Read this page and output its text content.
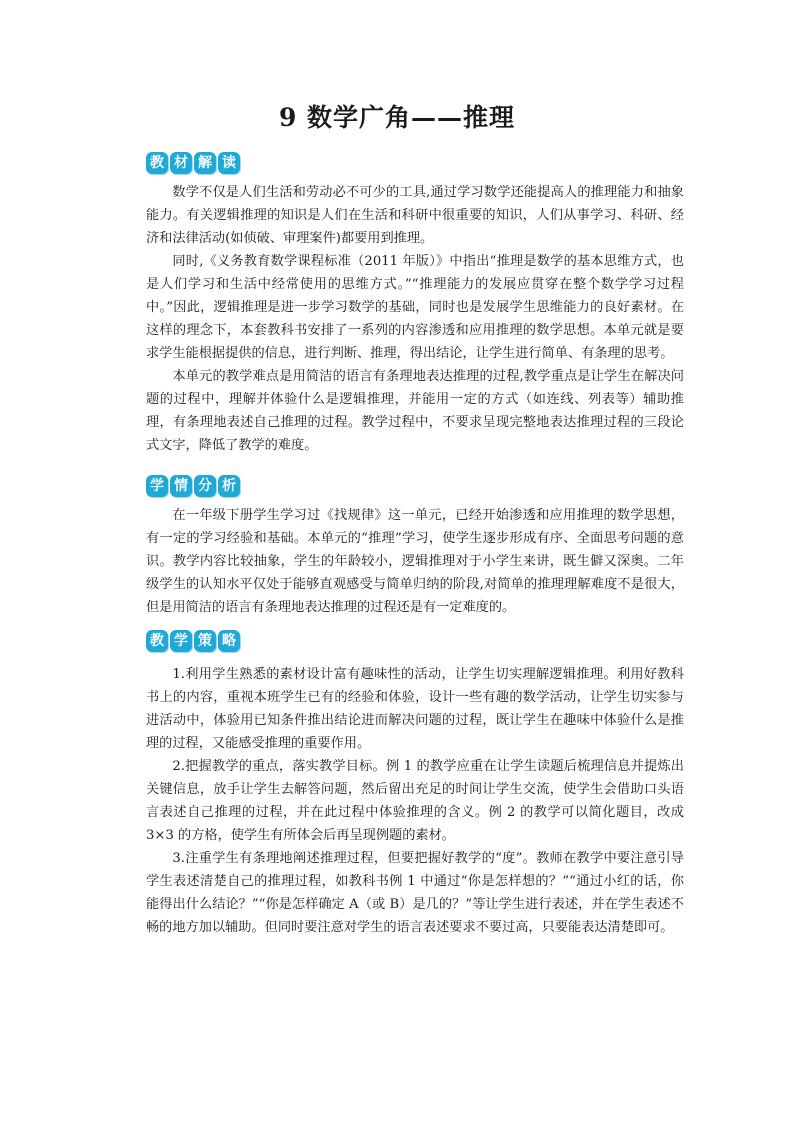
9 数学广角——推理
教 材 解 读

数学不仅是人们生活和劳动必不可少的工具,通过学习数学还能提高人的推理能力和抽象能力。有关逻辑推理的知识是人们在生活和科研中很重要的知识，人们从事学习、科研、经济和法律活动(如侦破、审理案件)都要用到推理。

同时,《义务教育数学课程标准（2011 年版）》中指出“推理是数学的基本思维方式，也是人们学习和生活中经常使用的思维方式。”“推理能力的发展应贯穿在整个数学学习过程中。”因此，逻辑推理是进一步学习数学的基础，同时也是发展学生思维能力的良好素材。在这样的理念下，本套教科书安排了一系列的内容渗透和应用推理的数学思想。本单元就是要求学生能根据提供的信息，进行判断、推理，得出结论，让学生进行简单、有条理的思考。

本单元的教学难点是用简洁的语言有条理地表达推理的过程,教学重点是让学生在解决问题的过程中，理解并体验什么是逻辑推理，并能用一定的方式（如连线、列表等）辅助推理，有条理地表述自己推理的过程。教学过程中，不要求呈现完整地表达推理过程的三段论式文字，降低了教学的难度。

学 情 分 析

在一年级下册学生学习过《找规律》这一单元，已经开始渗透和应用推理的数学思想，有一定的学习经验和基础。本单元的“推理”学习，使学生逐步形成有序、全面思考问题的意识。教学内容比较抽象，学生的年龄较小，逻辑推理对于小学生来讲，既生僻又深奥。二年级学生的认知水平仅处于能够直观感受与简单归纳的阶段,对简单的推理理解难度不是很大，但是用简洁的语言有条理地表达推理的过程还是有一定难度的。

教 学 策 略

1.利用学生熟悉的素材设计富有趣味性的活动，让学生切实理解逻辑推理。利用好教科书上的内容，重视本班学生已有的经验和体验，设计一些有趣的数学活动，让学生切实参与进活动中，体验用已知条件推出结论进而解决问题的过程，既让学生在趣味中体验什么是推理的过程，又能感受推理的重要作用。

2.把握教学的重点，落实教学目标。例 1 的教学应重在让学生读题后梳理信息并提炼出关键信息，放手让学生去解答问题，然后留出充足的时间让学生交流，使学生会借助口头语言表述自己推理的过程，并在此过程中体验推理的含义。例 2 的教学可以简化题目，改成 3×3 的方格，使学生有所体会后再呈现例题的素材。

3.注重学生有条理地阐述推理过程，但要把握好教学的“度”。教师在教学中要注意引导学生表述清楚自己的推理过程，如教科书例 1 中通过“你是怎样想的？”“通过小红的话，你能得出什么结论？”“你是怎样确定 A（或 B）是几的？”等让学生进行表述，并在学生表述不畅的地方加以辅助。但同时要注意对学生的语言表述要求不要过高，只要能表达清楚即可。
